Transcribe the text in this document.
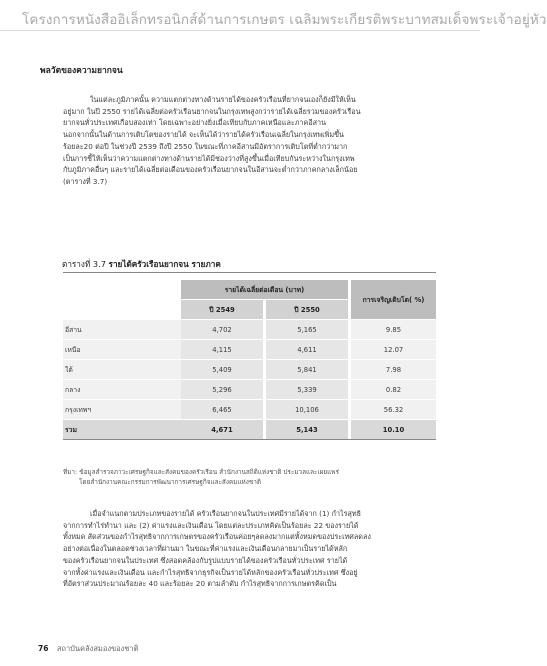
โครงการหนังสืออิเล็กทรอนิกส์ด้านการเกษตร เฉลิมพระเกียรติพระบาทสมเด็จพระเจ้าอยู่หัว
พลวัตของความยากจน

ในแต่ละภูมิภาคนั้น ความแตกต่างทางด้านรายได้ของครัวเรือนที่ยากจนเองก็ยังมีให้เห็น

อยู่มาก ในปี 2550 รายได้เฉลี่ยต่อครัวเรือนยากจนในกรุงเทพสูงกว่ารายได้เฉลี่ยรวมของครัวเรือน

ยากจนทั่วประเทศเกือบสองเท่า โดยเฉพาะอย่างยิ่งเมื่อเทียบกับภาคเหนือและภาคอีสาน

นอกจากนั้นในด้านการเติบโตของรายได้ จะเห็นได้ว่ารายได้ครัวเรือนเฉลี่ยในกรุงเทพเพิ่มขึ้น

ร้อยละ20 ต่อปี ในช่วงปี 2539 ถึงปี 2550 ในขณะที่ภาคอีสานมีอัตราการเติบโตที่ต่ำกว่ามาก

เป็นการชี้ให้เห็นว่าความแตกต่างทางด้านรายได้มีช่องว่างที่สูงขึ้นเมื่อเทียบกันระหว่างในกรุงเทพ

กับภูมิภาคอื่นๆ และรายได้เฉลี่ยต่อเดือนของครัวเรือนยากจนในอีสานจะต่ำกว่าภาคกลางเล็กน้อย

(ตารางที่ 3.7)

ตารางที่ 3.7 รายได้ครัวเรือนยากจน รายภาค
	รายได้เฉลี่ยต่อเดือน (บาท)				การเจริญเติบโต( %)
	ปี 2549		ปี 2550		
อีสาน	4,702		5,165		9.85
เหนือ	4,115		4,611		12.07
ใต้	5,409		5,841		7.98
กลาง	5,296		5,339		0.82
กรุงเทพฯ	6,465		10,106		56.32
รวม	4,671		5,143		10.10

ที่มา: ข้อมูลสำรวจภาวะเศรษฐกิจและสังคมของครัวเรือน สำนักงานสถิติแห่งชาติ ประมวลและเผยแพร่

โดยสำนักงานคณะกรรมการพัฒนาการเศรษฐกิจและสังคมแห่งชาติ

เมื่อจำแนกตามประเภทของรายได้ ครัวเรือนยากจนในประเทศมีรายได้จาก (1) กำไรสุทธิ

จากการทำไร่ทำนา และ (2) ค่าแรงและเงินเดือน โดยแต่ละประเภทคิดเป็นร้อยละ 22 ของรายได้

ทั้งหมด สัดส่วนของกำไรสุทธิจากการเกษตรของครัวเรือนค่อยๆลดลงมากแต่ทั้งหมดของประเทศลดลง

อย่างต่อเนื่องในตลอดช่วงเวลาที่ผ่านมา ในขณะที่ค่าแรงและเงินเดือนกลายมาเป็นรายได้หลัก

ของครัวเรือนยากจนในประเทศ ซึ่งสอดคล้องกับรูปแบบรายได้ของครัวเรือนทั่วประเทศ รายได้

จากทั้งค่าแรงและเงินเดือน และกำไรสุทธิจากธุรกิจเป็นรายได้หลักของครัวเรือนทั่วประเทศ ซึ่งอยู่

ที่อัตราส่วนประมาณร้อยละ 40 และร้อยละ 20 ตามลำดับ กำไรสุทธิจากการเกษตรคิดเป็น

76 สถาบันคลังสมองของชาติ
